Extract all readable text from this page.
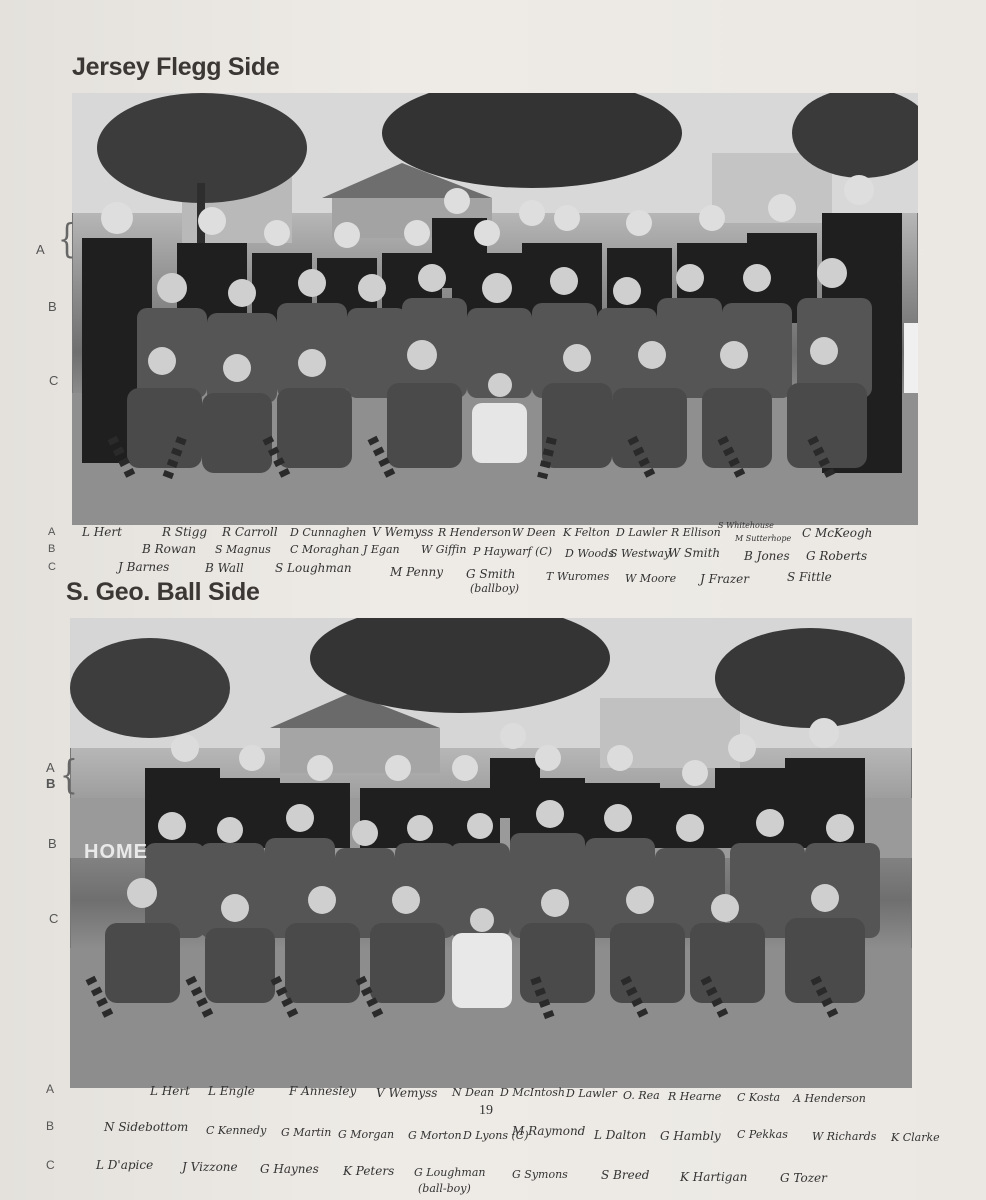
Jersey Flegg Side
A {
B
C
A
B
C
L Hert	R Stigg R Carroll D Cunnaghen V Wemyss R Henderson W Deen K Felton D Lawler R Ellison
S Whitehouse
M Sutterhope C McKeogh
B Rowan S Magnus C Moraghan J Egan W Giffin P Haywarf (C) D Woods
S Westway
W Smith B Jones G Roberts
J Barnes	B Wall	S Loughman	M Penny G Smith
(ballboy)
T Wuromes W Moore J Frazer	S Fittle
S. Geo. Ball Side
HOME
A
B {
B
C
A
B
C
L Hert L Engle	F Annesley V Wemyss N Dean D McIntosh D Lawler O. Rea R Hearne C Kosta A Henderson
19
N Sidebottom C Kennedy G Martin G Morgan G Morton D Lyons (C)
M Raymond L Dalton G Hambly C Pekkas W Richards K Clarke
L D'apice J Vizzone G Haynes K Peters G Loughman
(ball-boy)
G Symons	S Breed	K Hartigan	G Tozer
